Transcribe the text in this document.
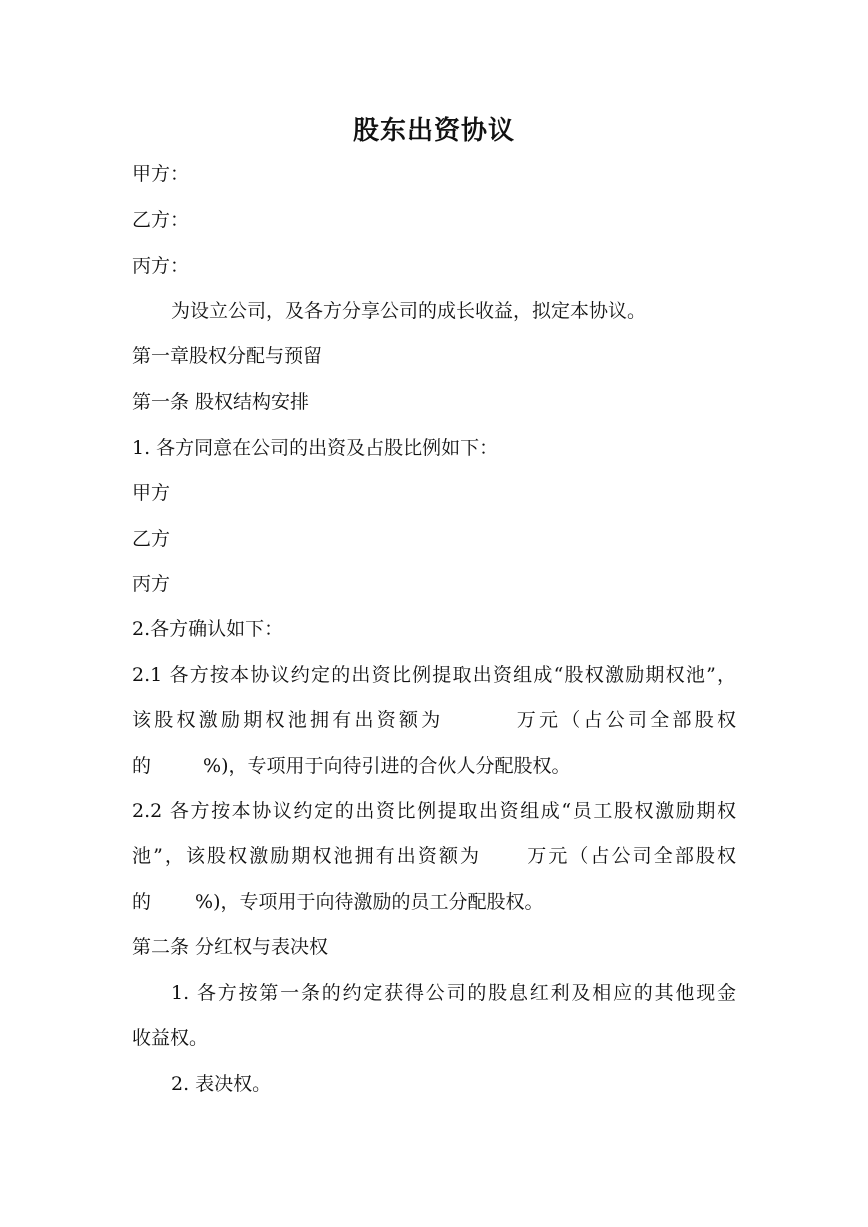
股东出资协议
甲方：
乙方：
丙方：
为设立公司，及各方分享公司的成长收益，拟定本协议。
第一章股权分配与预留
第一条 股权结构安排
1. 各方同意在公司的出资及占股比例如下：
甲方
乙方
丙方
2.各方确认如下：
2.1 各方按本协议约定的出资比例提取出资组成“股权激励期权池”，
该股权激励期权池拥有出资额为	万元（占公司全部股权
的	%)，专项用于向待引进的合伙人分配股权。
2.2 各方按本协议约定的出资比例提取出资组成“员工股权激励期权
池”，该股权激励期权池拥有出资额为 万元（占公司全部股权
的 %)，专项用于向待激励的员工分配股权。
第二条 分红权与表决权
1. 各方按第一条的约定获得公司的股息红利及相应的其他现金
收益权。
2. 表决权。
